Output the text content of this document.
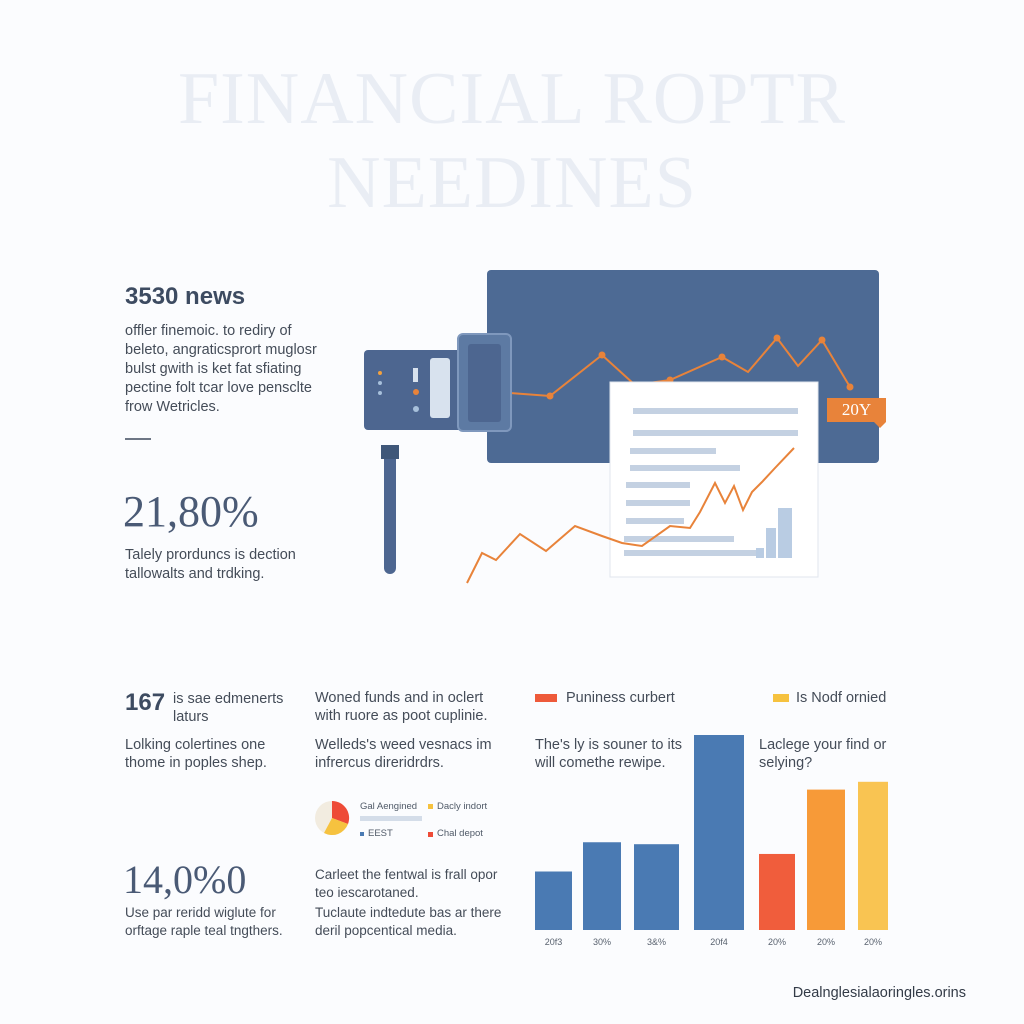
FINANCIAL ROPTR
NEEDINES
3530 news
offler finemoic. to rediry of
beleto, angraticsprort muglosr
bulst gwith is ket fat sfiating
pectine folt tcar love pensclte
frow Wetricles.
21,80%
Talely prorduncs is dection
tallowalts and trdking.
20Y
167 is sae edmenerts
laturs
Lolking colertines one
thome in poples shep.
14,0%0
Use par reridd wiglute for
orftage raple teal tngthers.
Woned funds and in oclert
with ruore as poot cuplinie.
Welleds's weed vesnacs im
infrercus direridrdrs.
Gal Aengined Dacly indort
EEST	Chal depot
Carleet the fentwal is frall opor
teo iescarotaned.
Tuclaute indtedute bas ar there
deril popcentical media.
Puniness curbert	Is Nodf ornied
The's ly is souner to its
will comethe rewipe.
Laclege your find or
selying?
20f3	30%	3&%	20f4	20%	20%	20%
Dealnglesialaoringles.orins
